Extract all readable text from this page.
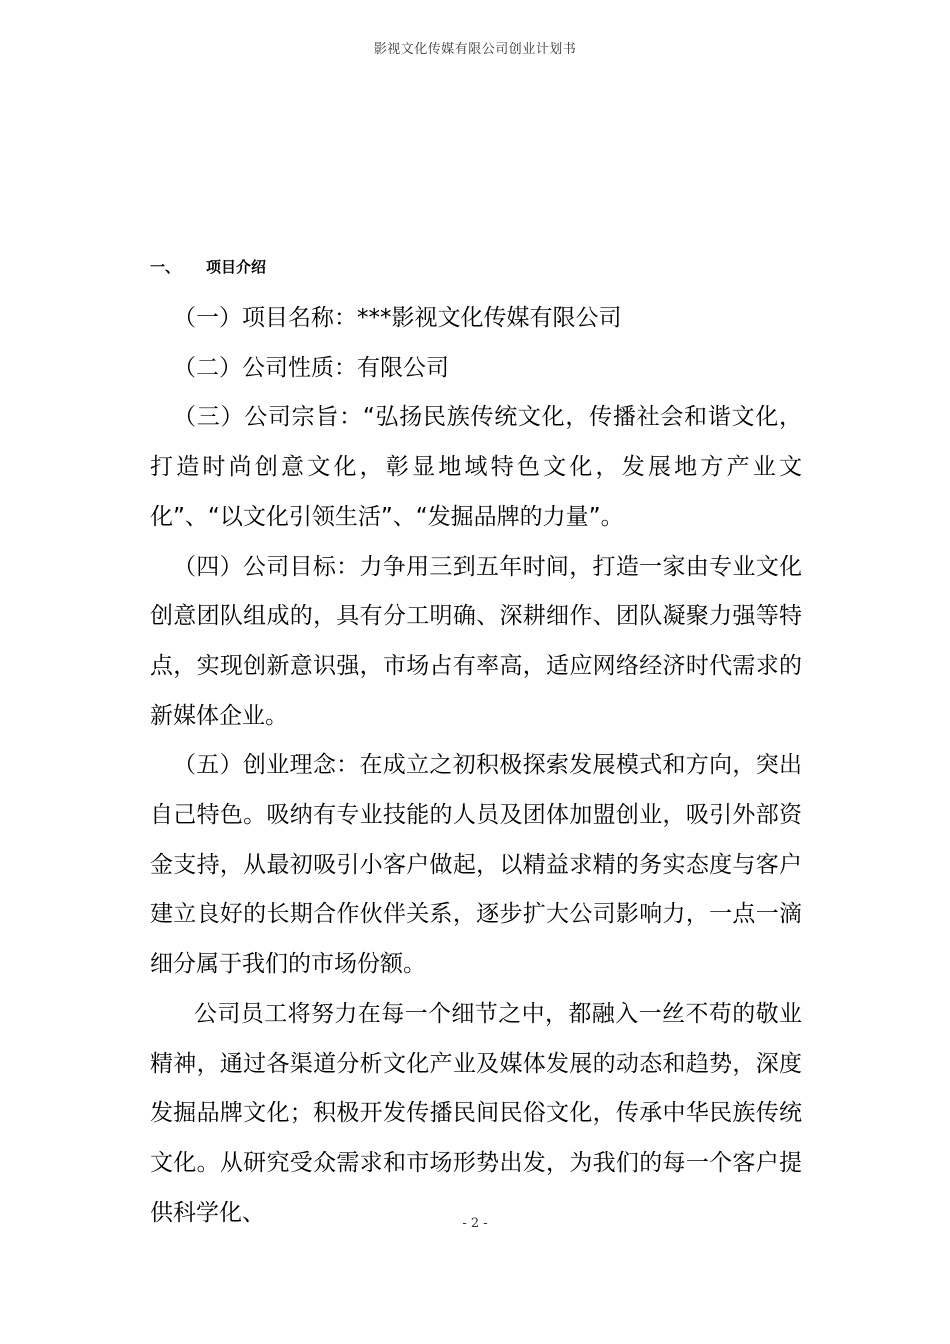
影视文化传媒有限公司创业计划书
一、 项目介绍

（一）项目名称：***影视文化传媒有限公司

（二）公司性质：有限公司

（三）公司宗旨：“弘扬民族传统文化，传播社会和谐文化，打造时尚创意文化，彰显地域特色文化，发展地方产业文化”、“以文化引领生活”、“发掘品牌的力量”。

（四）公司目标：力争用三到五年时间，打造一家由专业文化创意团队组成的，具有分工明确、深耕细作、团队凝聚力强等特点，实现创新意识强，市场占有率高，适应网络经济时代需求的新媒体企业。

（五）创业理念：在成立之初积极探索发展模式和方向，突出自己特色。吸纳有专业技能的人员及团体加盟创业，吸引外部资金支持，从最初吸引小客户做起，以精益求精的务实态度与客户建立良好的长期合作伙伴关系，逐步扩大公司影响力，一点一滴细分属于我们的市场份额。

公司员工将努力在每一个细节之中，都融入一丝不苟的敬业精神，通过各渠道分析文化产业及媒体发展的动态和趋势，深度发掘品牌文化；积极开发传播民间民俗文化，传承中华民族传统文化。从研究受众需求和市场形势出发，为我们的每一个客户提供科学化、	- 2 -
